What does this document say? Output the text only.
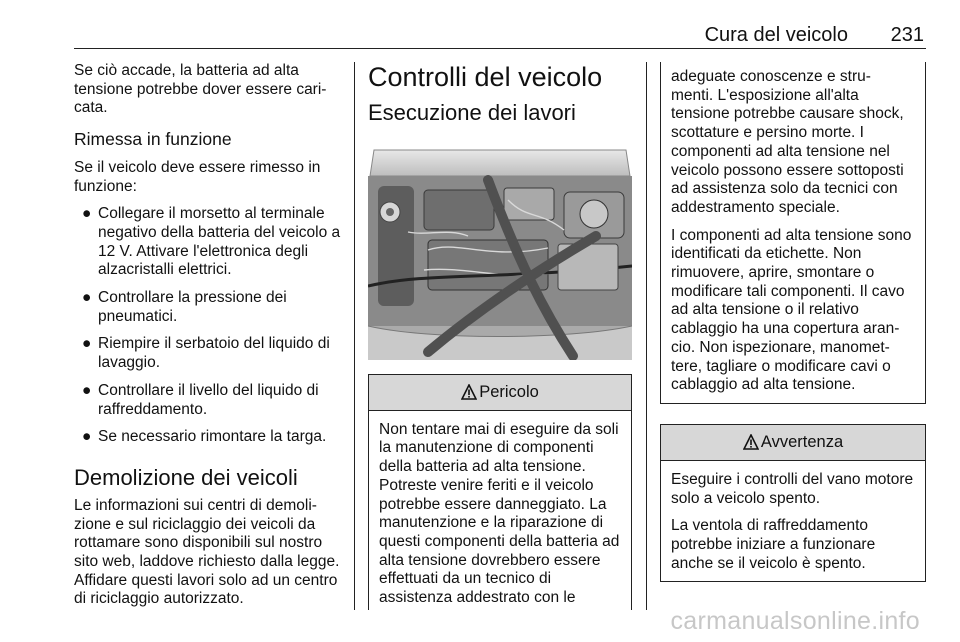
Cura del veicolo 231

Se ciò accade, la batteria ad alta tensione potrebbe dover essere cari- cata.

Rimessa in funzione

Se il veicolo deve essere rimesso in funzione:

● Collegare il morsetto al terminale negativo della batteria del veicolo a 12 V. Attivare l'elettronica degli alzacristalli elettrici.
● Controllare la pressione dei pneumatici.
● Riempire il serbatoio del liquido di lavaggio.
● Controllare il livello del liquido di raffreddamento.
● Se necessario rimontare la targa.
Demolizione dei veicoli

Le informazioni sui centri di demoli- zione e sul riciclaggio dei veicoli da rottamare sono disponibili sul nostro sito web, laddove richiesto dalla legge. Affidare questi lavori solo ad un centro di riciclaggio autorizzato.

Controlli del veicolo
Esecuzione dei lavori
Pericolo
Non tentare mai di eseguire da soli la manutenzione di componenti della batteria ad alta tensione. Potreste venire feriti e il veicolo potrebbe essere danneggiato. La manutenzione e la riparazione di questi componenti della batteria ad alta tensione dovrebbero essere effettuati da un tecnico di assistenza addestrato con le

adeguate conoscenze e stru- menti. L'esposizione all'alta tensione potrebbe causare shock, scottature e persino morte. I componenti ad alta tensione nel veicolo possono essere sottoposti ad assistenza solo da tecnici con addestramento speciale.

I componenti ad alta tensione sono identificati da etichette. Non rimuovere, aprire, smontare o modificare tali componenti. Il cavo ad alta tensione o il relativo cablaggio ha una copertura aran- cio. Non ispezionare, manomet- tere, tagliare o modificare cavi o cablaggio ad alta tensione.

Avvertenza

Eseguire i controlli del vano motore solo a veicolo spento.

La ventola di raffreddamento potrebbe iniziare a funzionare anche se il veicolo è spento.

carmanualsonline.info
